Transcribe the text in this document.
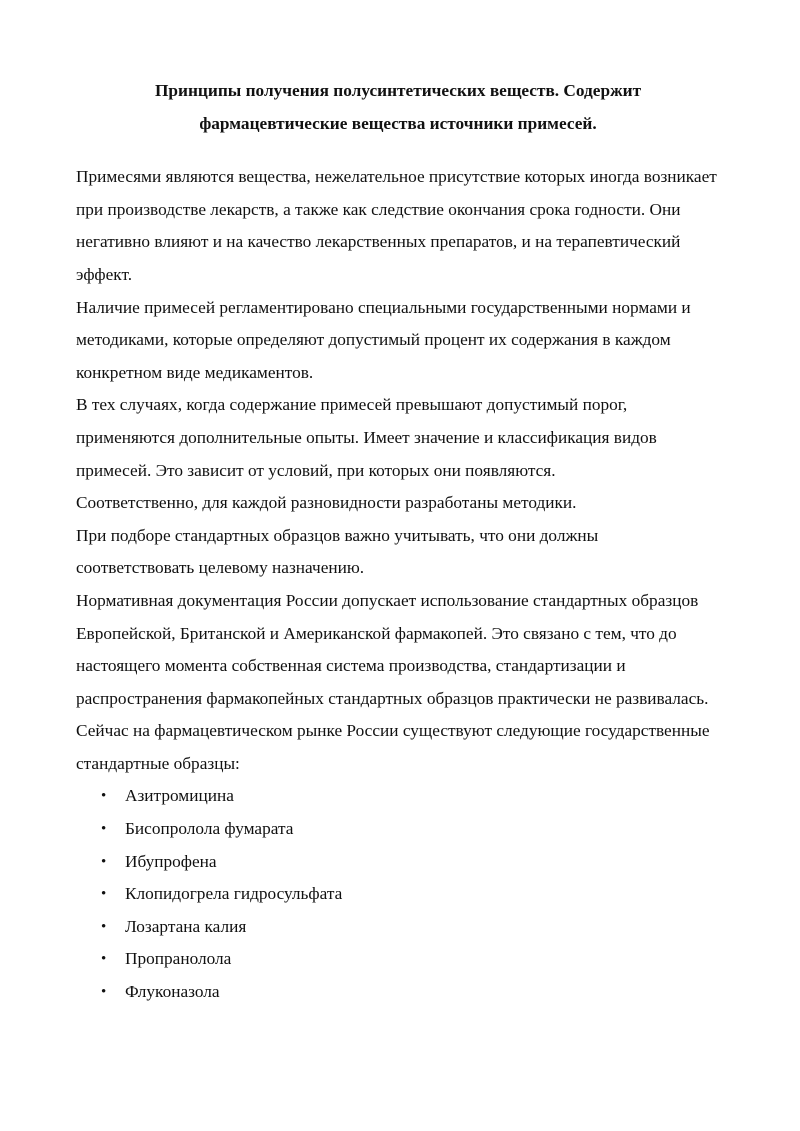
Принципы получения полусинтетических веществ. Содержит
фармацевтические вещества источники примесей.

Примесями являются вещества, нежелательное присутствие которых иногда возникает при производстве лекарств, а также как следствие окончания срока годности. Они негативно влияют и на качество лекарственных препаратов, и на терапевтический эффект.

Наличие примесей регламентировано специальными государственными нормами и методиками, которые определяют допустимый процент их содержания в каждом конкретном виде медикаментов.

В тех случаях, когда содержание примесей превышают допустимый порог, применяются дополнительные опыты. Имеет значение и классификация видов примесей. Это зависит от условий, при которых они появляются.

Соответственно, для каждой разновидности разработаны методики.

При подборе стандартных образцов важно учитывать, что они должны соответствовать целевому назначению.

Нормативная документация России допускает использование стандартных образцов Европейской, Британской и Американской фармакопей. Это связано с тем, что до настоящего момента собственная система производства, стандартизации и распространения фармакопейных стандартных образцов практически не развивалась.

Сейчас на фармацевтическом рынке России существуют следующие государственные стандартные образцы:

• Азитромицина
• Бисопролола фумарата
• Ибупрофена
• Клопидогрела гидросульфата
• Лозартана калия
• Пропранолола
• Флуконазола
